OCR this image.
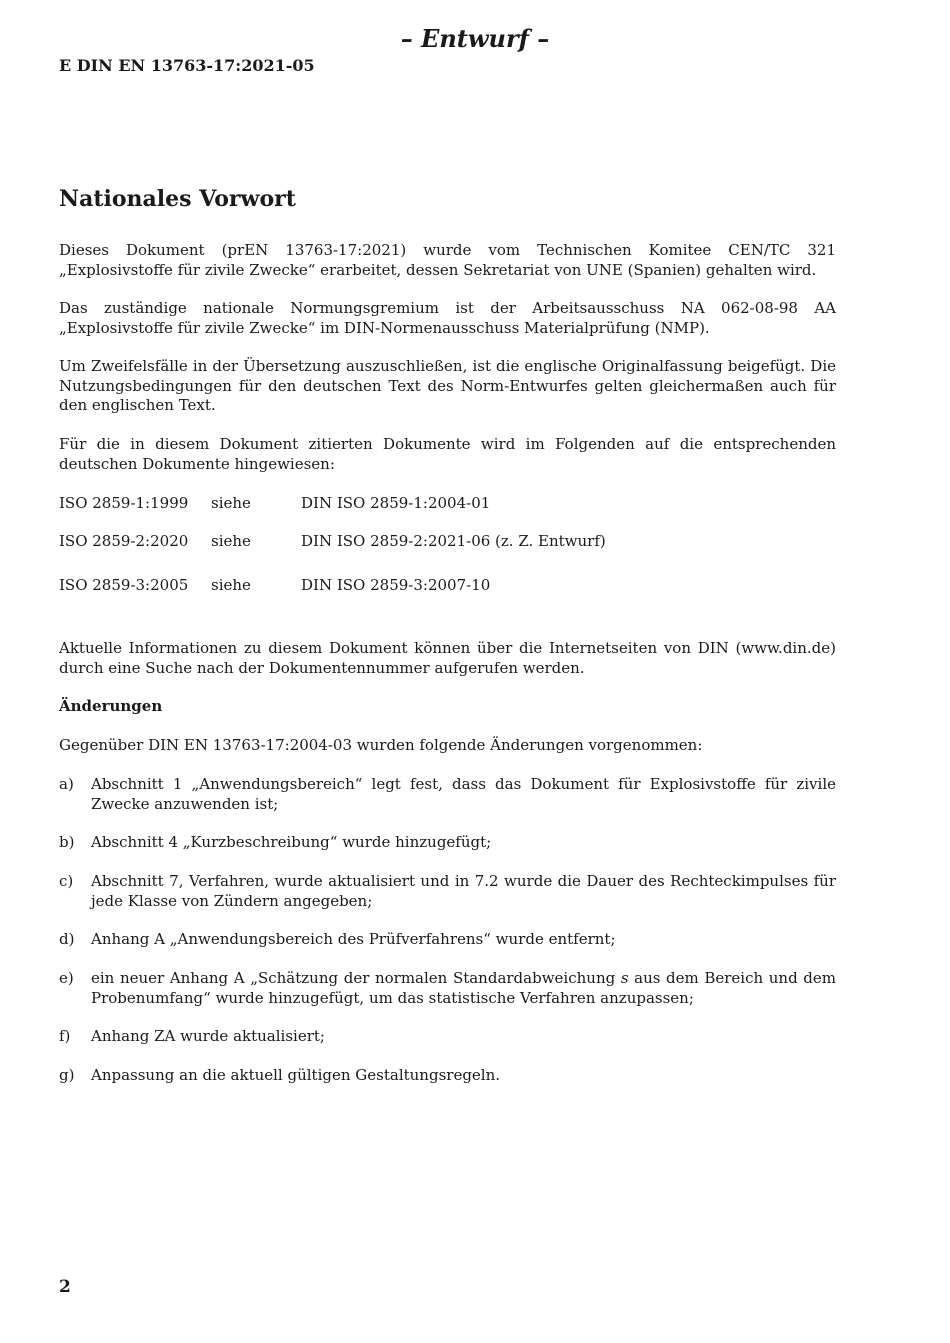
– Entwurf –

E DIN EN 13763-17:2021-05

Nationales Vorwort

Dieses Dokument (prEN 13763-17:2021) wurde vom Technischen Komitee CEN/TC 321 „Explosivstoffe für zivile Zwecke“ erarbeitet, dessen Sekretariat von UNE (Spanien) gehalten wird.

Das zuständige nationale Normungsgremium ist der Arbeitsausschuss NA 062-08-98 AA „Explosivstoffe für zivile Zwecke“ im DIN-Normenausschuss Materialprüfung (NMP).

Um Zweifelsfälle in der Übersetzung auszuschließen, ist die englische Originalfassung beigefügt. Die Nutzungsbedingungen für den deutschen Text des Norm-Entwurfes gelten gleichermaßen auch für den englischen Text.

Für die in diesem Dokument zitierten Dokumente wird im Folgenden auf die entsprechenden deutschen Dokumente hingewiesen:

ISO 2859-1:1999 siehe	DIN ISO 2859-1:2004-01
ISO 2859-2:2020 siehe	DIN ISO 2859-2:2021-06 (z. Z. Entwurf)
ISO 2859-3:2005 siehe	DIN ISO 2859-3:2007-10

Aktuelle Informationen zu diesem Dokument können über die Internetseiten von DIN (www.din.de) durch eine Suche nach der Dokumentennummer aufgerufen werden.

Änderungen

Gegenüber DIN EN 13763-17:2004-03 wurden folgende Änderungen vorgenommen:

a) Abschnitt 1 „Anwendungsbereich“ legt fest, dass das Dokument für Explosivstoffe für zivile Zwecke anzuwenden ist;
b) Abschnitt 4 „Kurzbeschreibung“ wurde hinzugefügt;
c) Abschnitt 7, Verfahren, wurde aktualisiert und in 7.2 wurde die Dauer des Rechteckimpulses für jede Klasse von Zündern angegeben;
d) Anhang A „Anwendungsbereich des Prüfverfahrens“ wurde entfernt;
e) ein neuer Anhang A „Schätzung der normalen Standardabweichung s aus dem Bereich und dem Probenumfang“ wurde hinzugefügt, um das statistische Verfahren anzupassen;
f) Anhang ZA wurde aktualisiert;
g) Anpassung an die aktuell gültigen Gestaltungsregeln.

2
